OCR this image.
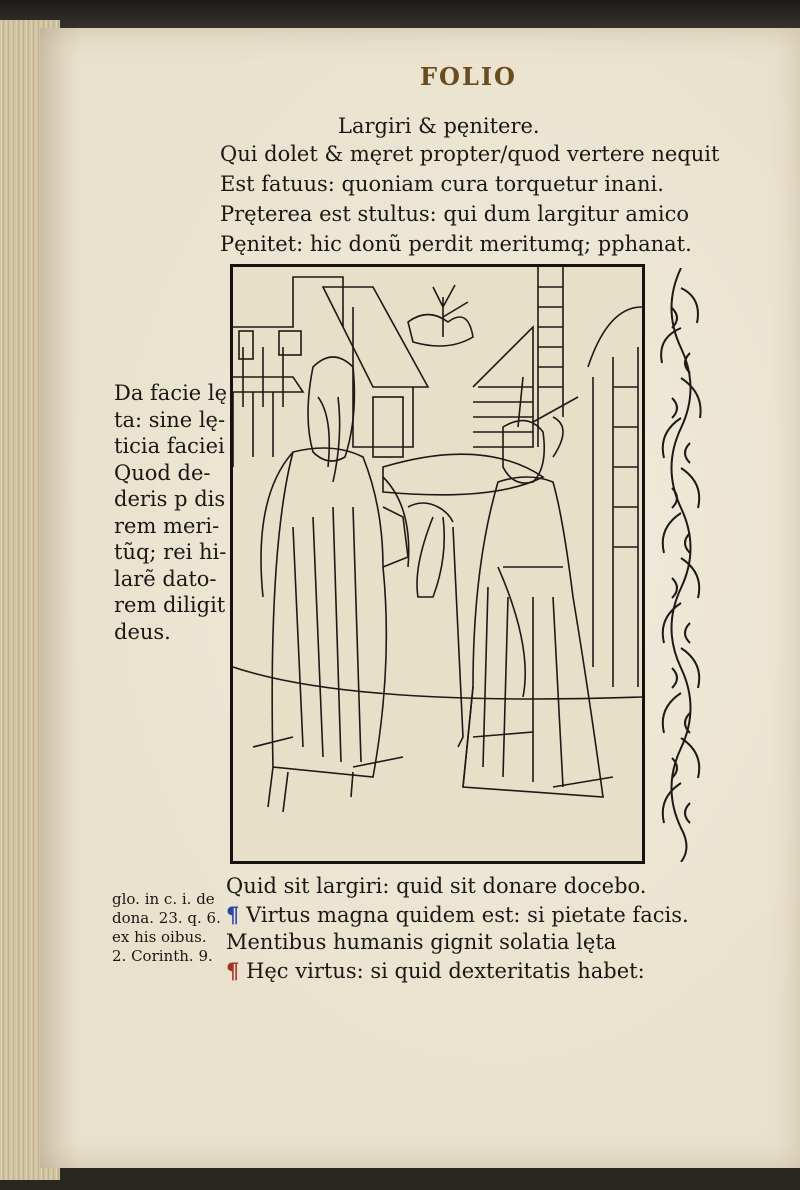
FOLIO
Largiri & pęnitere.
Qui dolet & męret propter/quod vertere nequit
Est fatuus: quoniam cura torquetur inani.
Pręterea est stultus: qui dum largitur amico
Pęnitet: hic donũ perdit meritumq; pphanat.
Da facie lę
ta: sine lę-
ticia faciei
Quod de-
deris p dis
rem meri-
tũq; rei hi-
larẽ dato-
rem diligit
deus.
Quid sit largiri: quid sit donare docebo.
¶ Virtus magna quidem est: si pietate facis.
Mentibus humanis gignit solatia lęta
¶ Hęc virtus: si quid dexteritatis habet:
glo. in c. i. de
dona. 23. q. 6.
ex his oibus.
2. Corinth. 9.
